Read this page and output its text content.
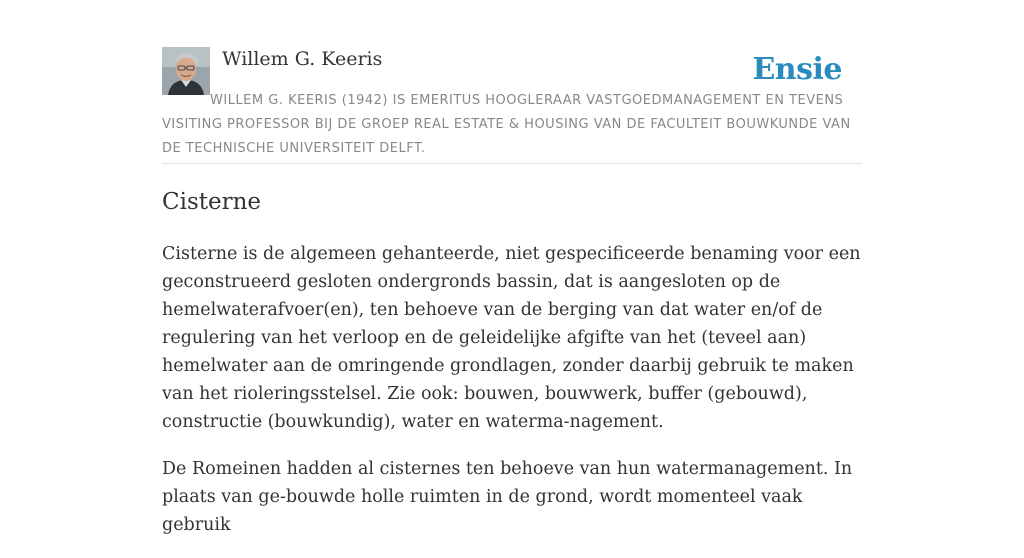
Willem G. Keeris	Ensie
WILLEM G. KEERIS (1942) IS EMERITUS HOOGLERAAR VASTGOEDMANAGEMENT EN TEVENS VISITING PROFESSOR BIJ DE GROEP REAL ESTATE & HOUSING VAN DE FACULTEIT BOUWKUNDE VAN DE TECHNISCHE UNIVERSITEIT DELFT.
Cisterne

Cisterne is de algemeen gehanteerde, niet gespecificeerde benaming voor een geconstrueerd gesloten ondergronds bassin, dat is aangesloten op de hemelwaterafvoer(en), ten behoeve van de berging van dat water en/of de regulering van het verloop en de geleidelijke afgifte van het (teveel aan) hemelwater aan de omringende grondlagen, zonder daarbij gebruik te maken van het rioleringsstelsel. Zie ook: bouwen, bouwwerk, buffer (gebouwd), constructie (bouwkundig), water en waterma-nagement.

De Romeinen hadden al cisternes ten behoeve van hun watermanagement. In plaats van ge-bouwde holle ruimten in de grond, wordt momenteel vaak gebruik
